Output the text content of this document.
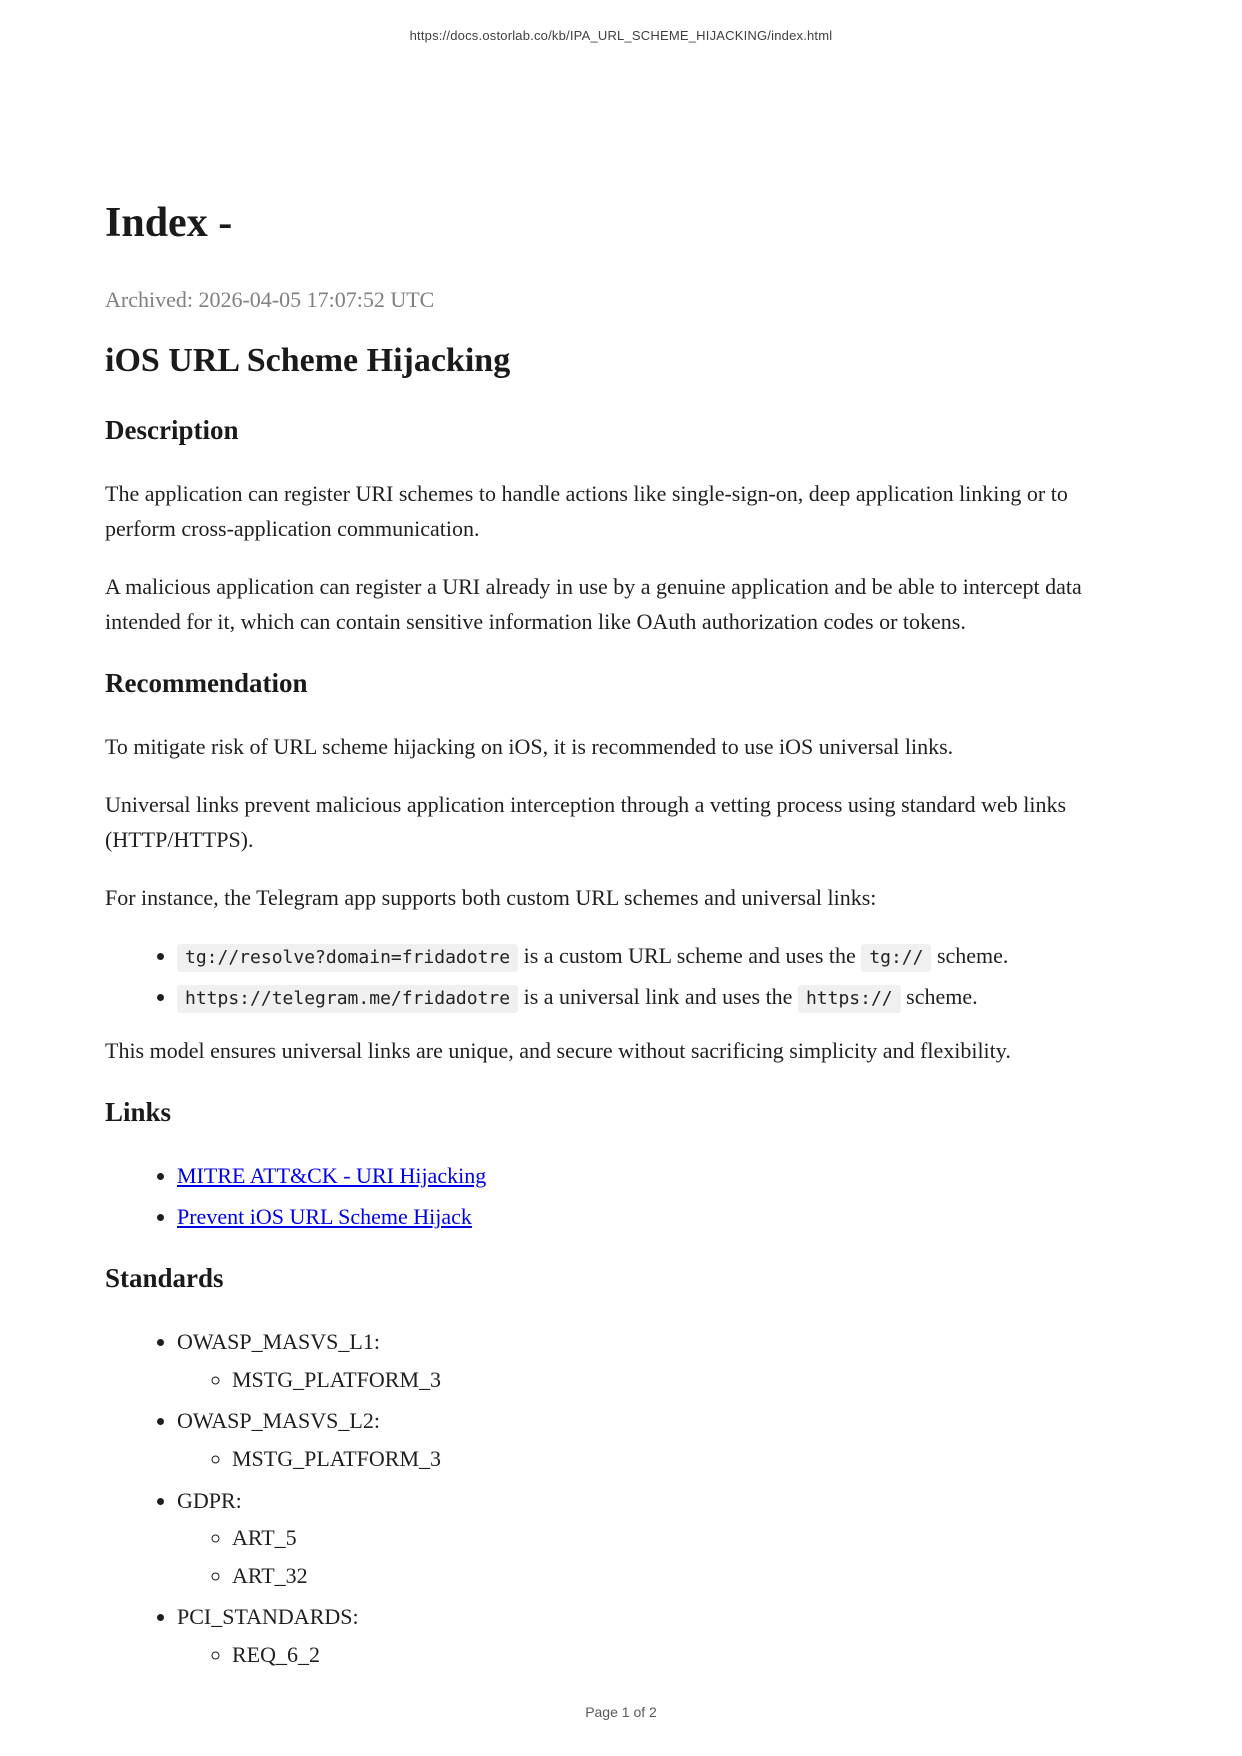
https://docs.ostorlab.co/kb/IPA_URL_SCHEME_HIJACKING/index.html
Index -

Archived: 2026-04-05 17:07:52 UTC

iOS URL Scheme Hijacking
Description

The application can register URI schemes to handle actions like single-sign-on, deep application linking or to perform cross-application communication.

A malicious application can register a URI already in use by a genuine application and be able to intercept data intended for it, which can contain sensitive information like OAuth authorization codes or tokens.

Recommendation

To mitigate risk of URL scheme hijacking on iOS, it is recommended to use iOS universal links.

Universal links prevent malicious application interception through a vetting process using standard web links (HTTP/HTTPS).

For instance, the Telegram app supports both custom URL schemes and universal links:

• tg://resolve?domain=fridadotre is a custom URL scheme and uses the tg:// scheme.
• https://telegram.me/fridadotre is a universal link and uses the https:// scheme.

This model ensures universal links are unique, and secure without sacrificing simplicity and flexibility.

Links
• MITRE ATT&CK - URI Hijacking
• Prevent iOS URL Scheme Hijack
Standards
• OWASP_MASVS_L1:
◦ MSTG_PLATFORM_3
• OWASP_MASVS_L2:
◦ MSTG_PLATFORM_3
• GDPR:
◦ ART_5
◦ ART_32
• PCI_STANDARDS:
◦ REQ_6_2
Page 1 of 2
